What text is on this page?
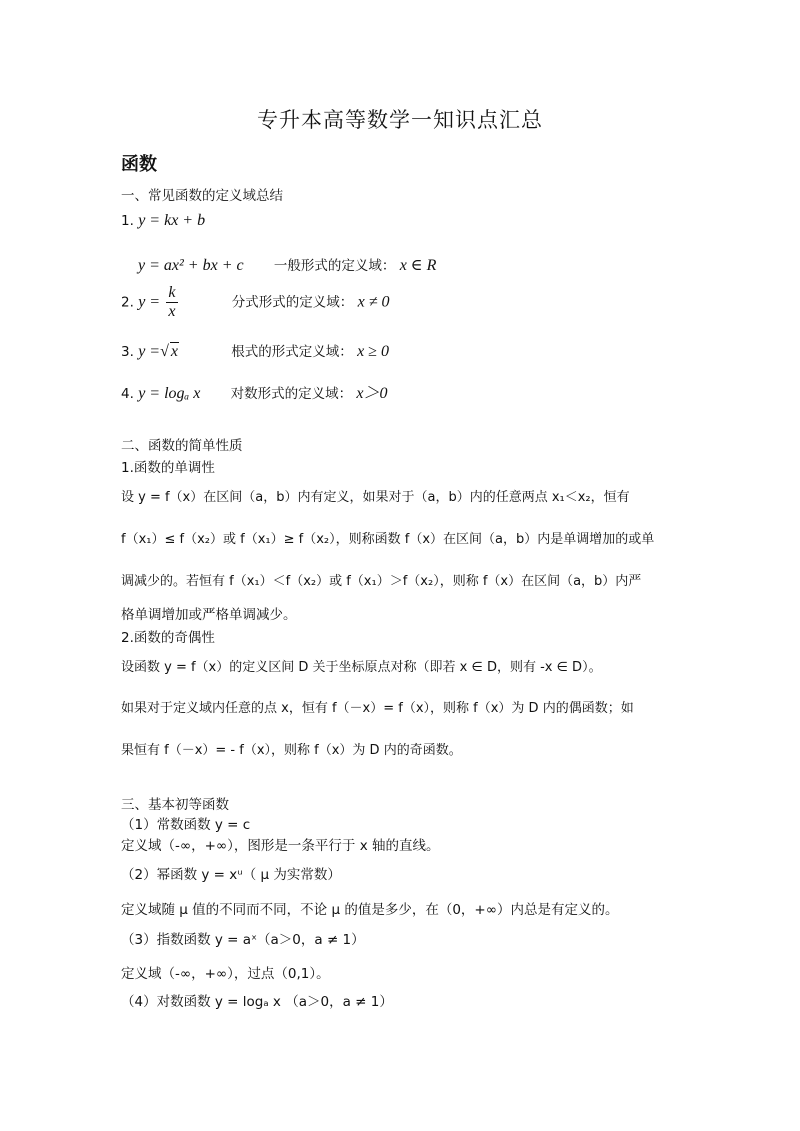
专升本高等数学一知识点汇总
函数
一、常见函数的定义域总结
1. y = kx + b
y = ax² + bx + c 一般形式的定义域： x ∈ R
2. $y = \frac{k}{x}$	分式形式的定义域： x ≠ 0
3. y =√ x	根式的形式定义域： x ≥ 0
4. y = logₐ x 对数形式的定义域： x＞0
二、函数的简单性质
1.函数的单调性
设 y = f（x）在区间（a，b）内有定义，如果对于（a，b）内的任意两点 x₁＜x₂，恒有
f（x₁）≤ f（x₂）或 f（x₁）≥ f（x₂），则称函数 f（x）在区间（a，b）内是单调增加的或单
调减少的。若恒有 f（x₁）＜f（x₂）或 f（x₁）＞f（x₂），则称 f（x）在区间（a，b）内严
格单调增加或严格单调减少。
2.函数的奇偶性
设函数 y = f（x）的定义区间 D 关于坐标原点对称（即若 x ∈ D，则有 -x ∈ D）。
如果对于定义域内任意的点 x，恒有 f（－x）= f（x），则称 f（x）为 D 内的偶函数；如
果恒有 f（－x）= - f（x），则称 f（x）为 D 内的奇函数。
三、基本初等函数
（1）常数函数 y = c
定义域（-∞，+∞），图形是一条平行于 x 轴的直线。
（2）幂函数 y = xᵘ（ μ 为实常数）
定义域随 μ 值的不同而不同，不论 μ 的值是多少，在（0，+∞）内总是有定义的。
（3）指数函数 y = aˣ（a＞0，a ≠ 1）
定义域（-∞，+∞），过点（0,1）。
（4）对数函数 y = logₐ x （a＞0，a ≠ 1）
